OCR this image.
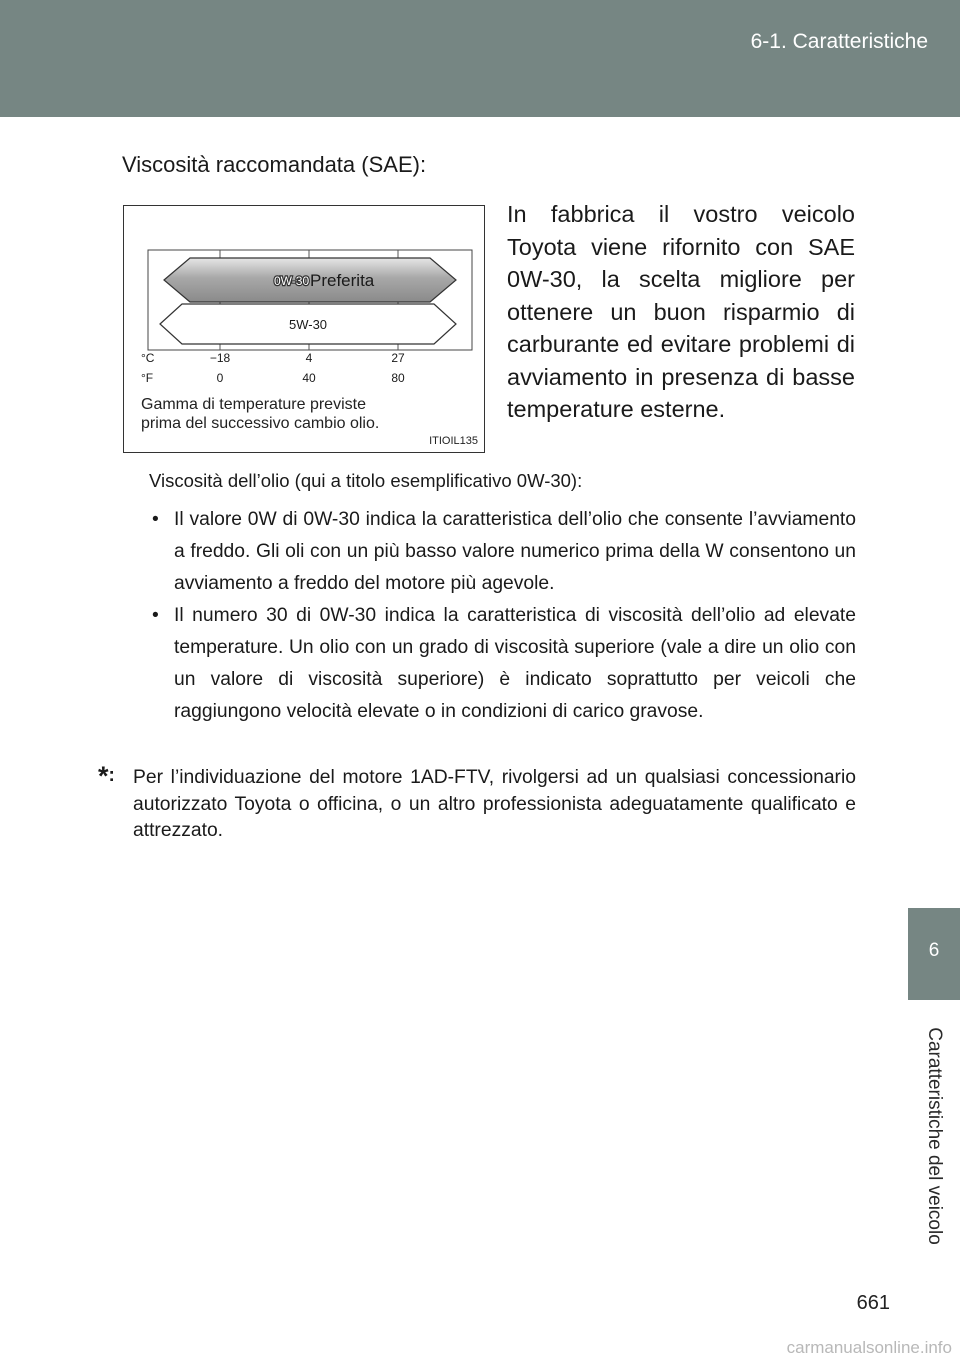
6-1. Caratteristiche
6
Caratteristiche del veicolo
Viscosità raccomandata (SAE):
0W-30 Preferita
5W-30
°C
°F
−18	4	27
0	40	80
Gamma di temperature previste
prima del successivo cambio olio.
ITIOIL135
In fabbrica il vostro veicolo Toyota viene rifornito con SAE 0W-30, la scelta migliore per ottenere un buon risparmio di carburante ed evitare problemi di avviamento in presenza di basse temperature esterne.
Viscosità dell’olio (qui a titolo esemplificativo 0W-30):
• Il valore 0W di 0W-30 indica la caratteristica dell’olio che consente l’avviamento a freddo. Gli oli con un più basso valore numerico prima della W consentono un avviamento a freddo del motore più agevole.
• Il numero 30 di 0W-30 indica la caratteristica di viscosità dell’olio ad elevate temperature. Un olio con un grado di viscosità superiore (vale a dire un olio con un valore di viscosità superiore) è indicato soprattutto per veicoli che raggiungono velocità elevate o in condizioni di carico gravose.
*: Per l’individuazione del motore 1AD-FTV, rivolgersi ad un qualsiasi concessionario autorizzato Toyota o officina, o un altro professionista adeguatamente qualificato e attrezzato.
661
carmanualsonline.info
